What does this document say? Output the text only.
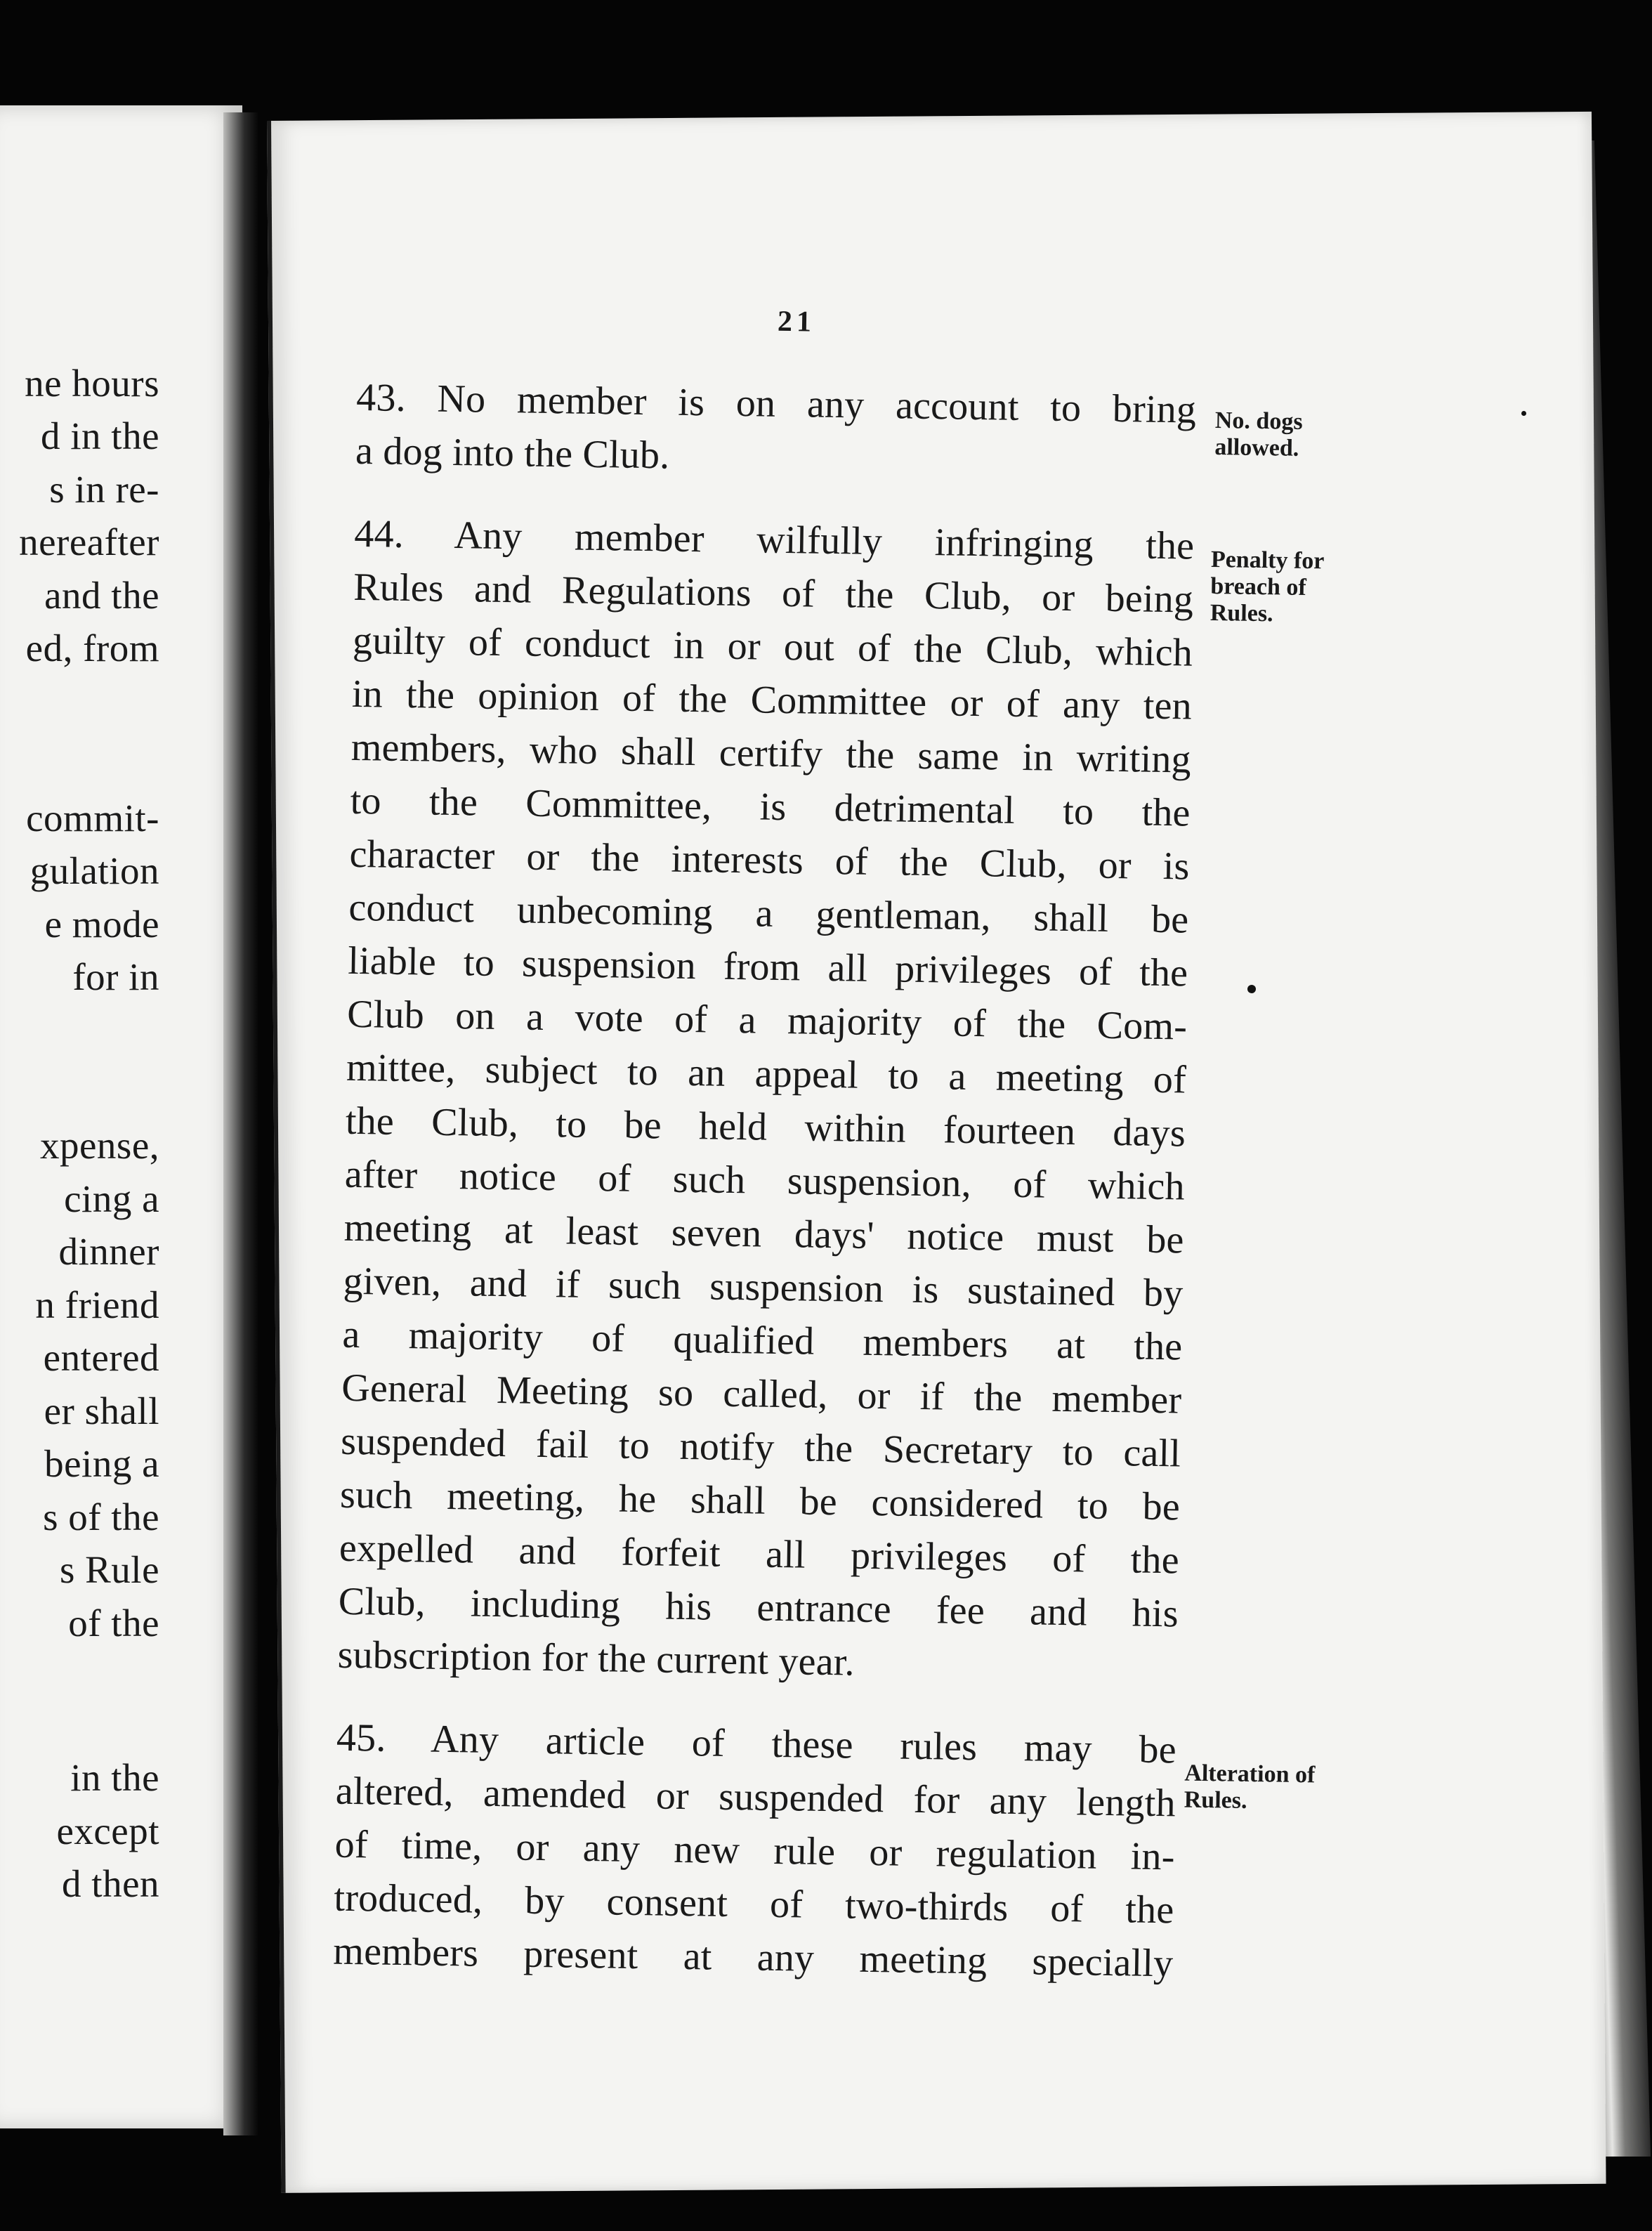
ne hours
d in the
s in re-
nereafter
and the
ed, from
commit-
gulation
e mode
for in
xpense,
cing a
dinner
n friend
entered
er shall
being a
s of the
s Rule
of the
in the
except
d then
21
43. No member is on any account to bring
a dog into the Club.
44. Any member wilfully infringing the
Rules and Regulations of the Club, or being
guilty of conduct in or out of the Club, which
in the opinion of the Committee or of any ten
members, who shall certify the same in writing
to the Committee, is detrimental to the
character or the interests of the Club, or is
conduct unbecoming a gentleman, shall be
liable to suspension from all privileges of the
Club on a vote of a majority of the Com-
mittee, subject to an appeal to a meeting of
the Club, to be held within fourteen days
after notice of such suspension, of which
meeting at least seven days' notice must be
given, and if such suspension is sustained by
a majority of qualified members at the
General Meeting so called, or if the member
suspended fail to notify the Secretary to call
such meeting, he shall be considered to be
expelled and forfeit all privileges of the
Club, including his entrance fee and his
subscription for the current year.
45. Any article of these rules may be
altered, amended or suspended for any length
of time, or any new rule or regulation in-
troduced, by consent of two-thirds of the
members present at any meeting specially
No. dogs
allowed.
Penalty for
breach of
Rules.
Alteration of
Rules.
